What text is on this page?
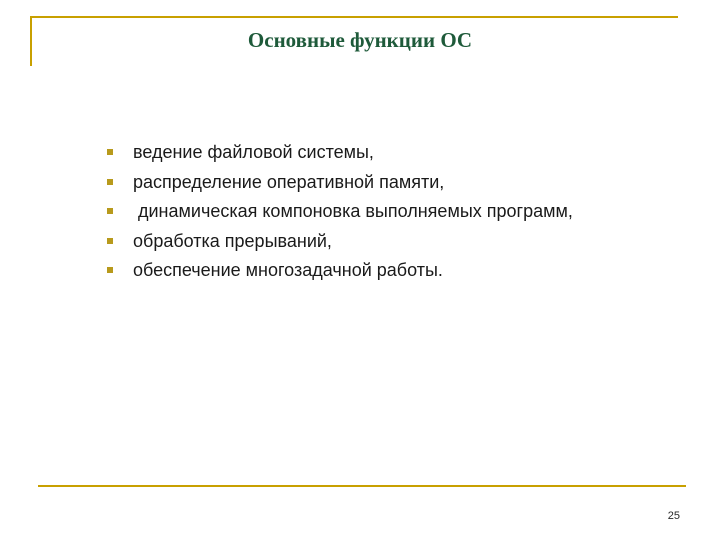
Основные функции ОС
ведение файловой системы,
распределение оперативной памяти,
динамическая компоновка выполняемых программ,
обработка прерываний,
обеспечение многозадачной работы.
25
